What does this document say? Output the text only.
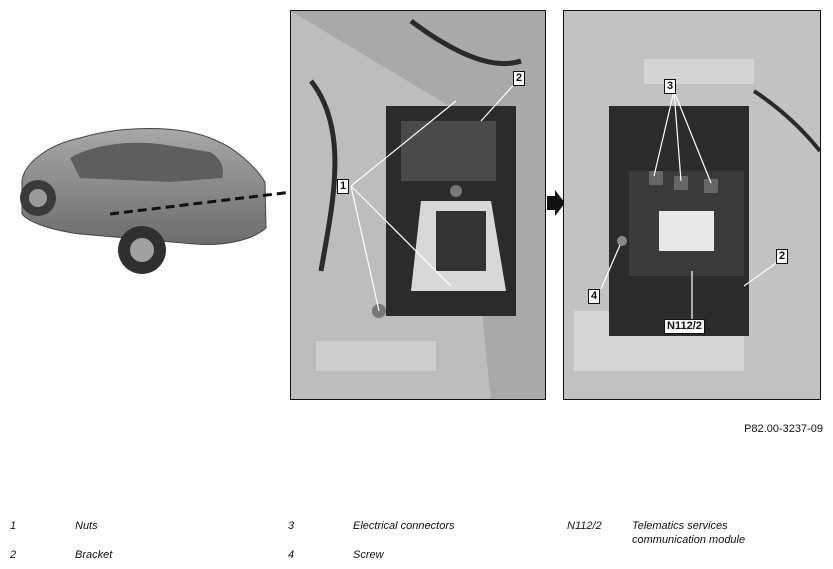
1
2
3
2
4
N112/2
P82.00-3237-09
1	Nuts
2	Bracket
3	Electrical connectors
4	Screw
N112/2	Telematics services communication module
